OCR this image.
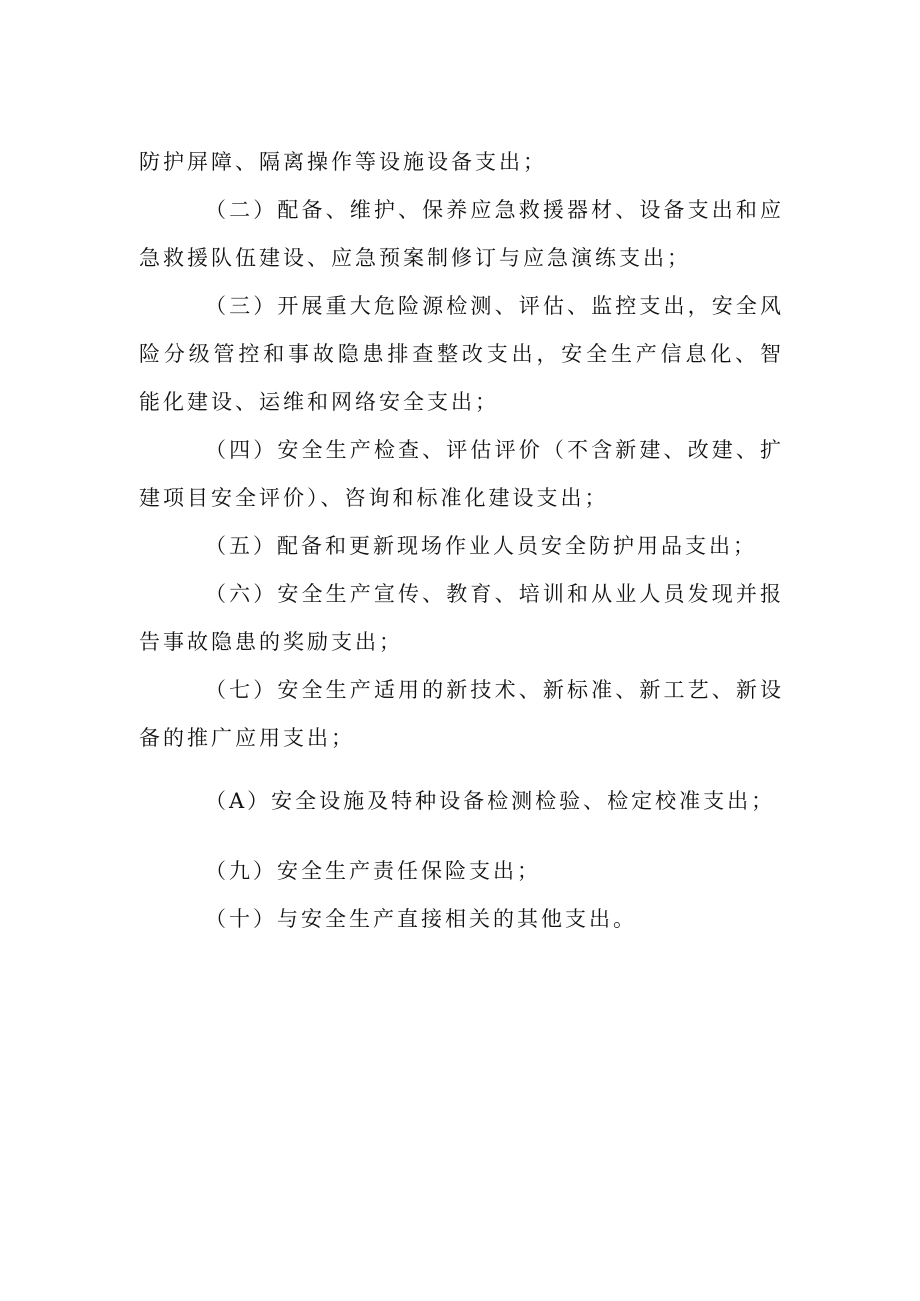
防护屏障、隔离操作等设施设备支出；

（二）配备、维护、保养应急救援器材、设备支出和应急救援队伍建设、应急预案制修订与应急演练支出；

（三）开展重大危险源检测、评估、监控支出，安全风险分级管控和事故隐患排查整改支出，安全生产信息化、智能化建设、运维和网络安全支出；

（四）安全生产检查、评估评价（不含新建、改建、扩建项目安全评价）、咨询和标准化建设支出；

（五）配备和更新现场作业人员安全防护用品支出；

（六）安全生产宣传、教育、培训和从业人员发现并报告事故隐患的奖励支出；

（七）安全生产适用的新技术、新标准、新工艺、新设备的推广应用支出；

（A）安全设施及特种设备检测检验、检定校准支出；

（九）安全生产责任保险支出；

（十）与安全生产直接相关的其他支出。
